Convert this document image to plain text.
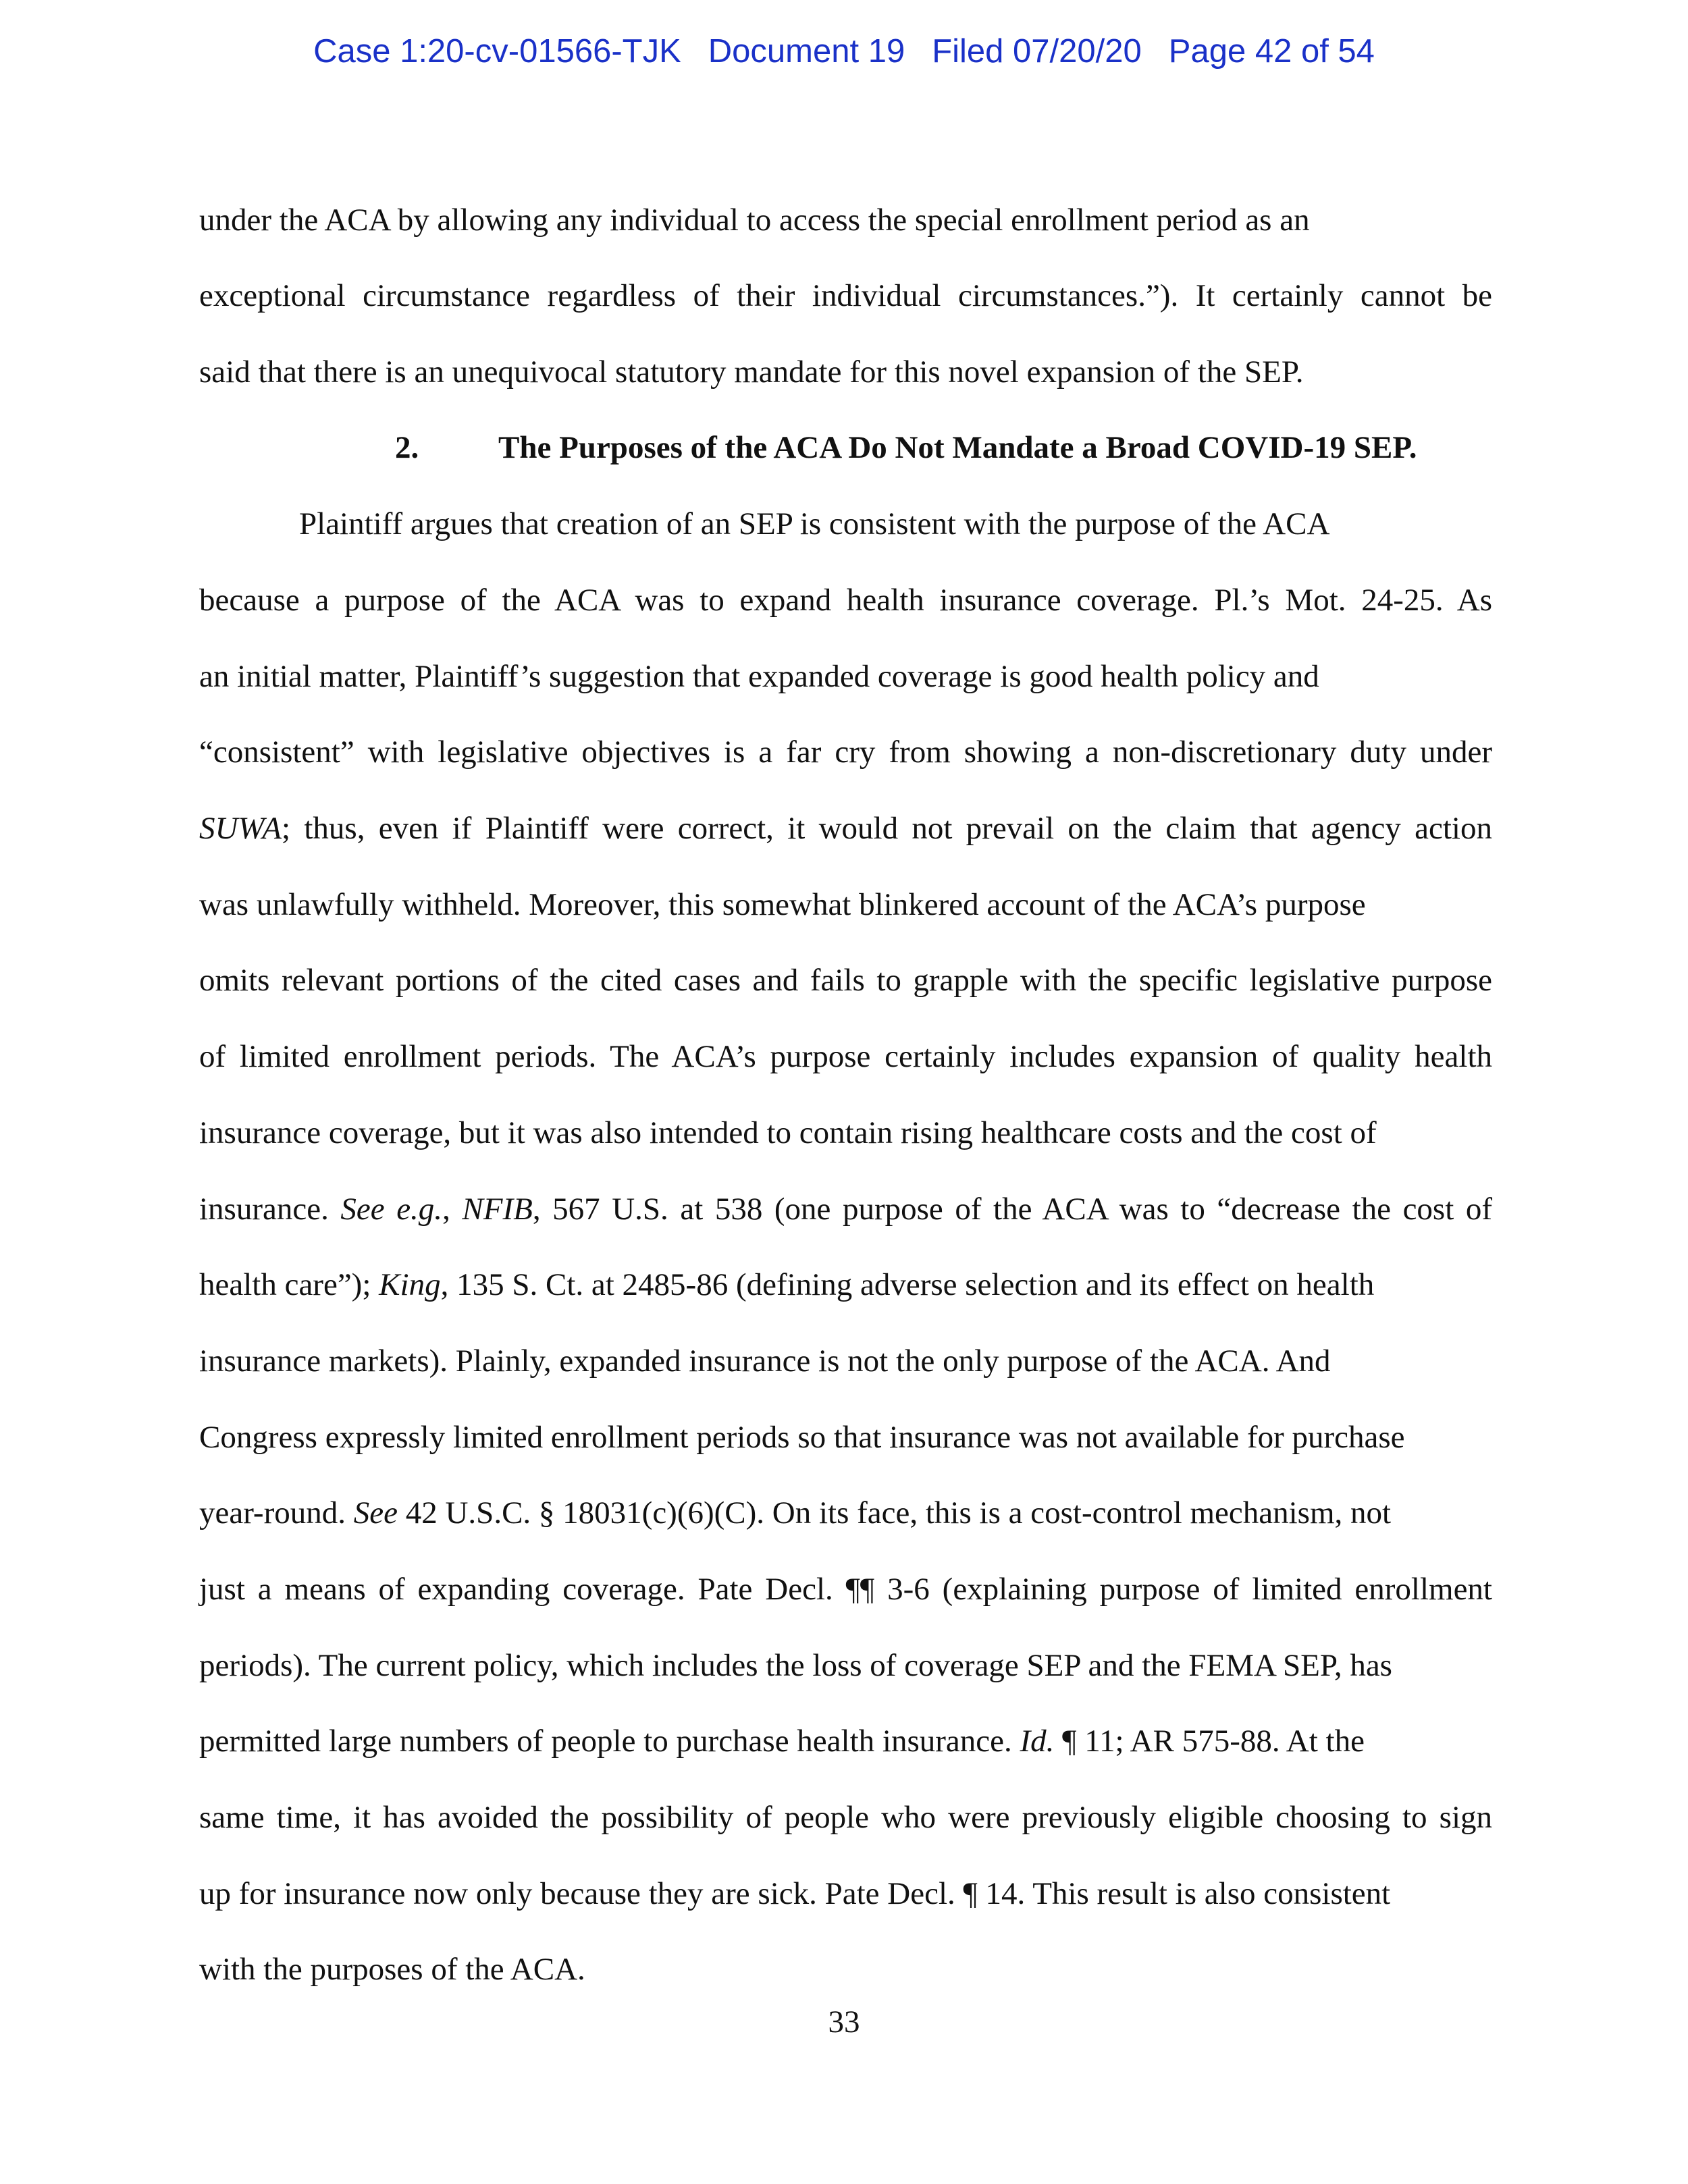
Case 1:20-cv-01566-TJK Document 19 Filed 07/20/20 Page 42 of 54
under the ACA by allowing any individual to access the special enrollment period as an
exceptional circumstance regardless of their individual circumstances.”). It certainly cannot be
said that there is an unequivocal statutory mandate for this novel expansion of the SEP.
2.	The Purposes of the ACA Do Not Mandate a Broad COVID-19 SEP.
Plaintiff argues that creation of an SEP is consistent with the purpose of the ACA
because a purpose of the ACA was to expand health insurance coverage. Pl.’s Mot. 24-25. As
an initial matter, Plaintiff’s suggestion that expanded coverage is good health policy and
“consistent” with legislative objectives is a far cry from showing a non-discretionary duty under
SUWA; thus, even if Plaintiff were correct, it would not prevail on the claim that agency action
was unlawfully withheld. Moreover, this somewhat blinkered account of the ACA’s purpose
omits relevant portions of the cited cases and fails to grapple with the specific legislative purpose
of limited enrollment periods. The ACA’s purpose certainly includes expansion of quality health
insurance coverage, but it was also intended to contain rising healthcare costs and the cost of
insurance. See e.g., NFIB, 567 U.S. at 538 (one purpose of the ACA was to “decrease the cost of
health care”); King, 135 S. Ct. at 2485-86 (defining adverse selection and its effect on health
insurance markets). Plainly, expanded insurance is not the only purpose of the ACA. And
Congress expressly limited enrollment periods so that insurance was not available for purchase
year-round. See 42 U.S.C. § 18031(c)(6)(C). On its face, this is a cost-control mechanism, not
just a means of expanding coverage. Pate Decl. ¶¶ 3-6 (explaining purpose of limited enrollment
periods). The current policy, which includes the loss of coverage SEP and the FEMA SEP, has
permitted large numbers of people to purchase health insurance. Id. ¶ 11; AR 575-88. At the
same time, it has avoided the possibility of people who were previously eligible choosing to sign
up for insurance now only because they are sick. Pate Decl. ¶ 14. This result is also consistent
with the purposes of the ACA.
33
